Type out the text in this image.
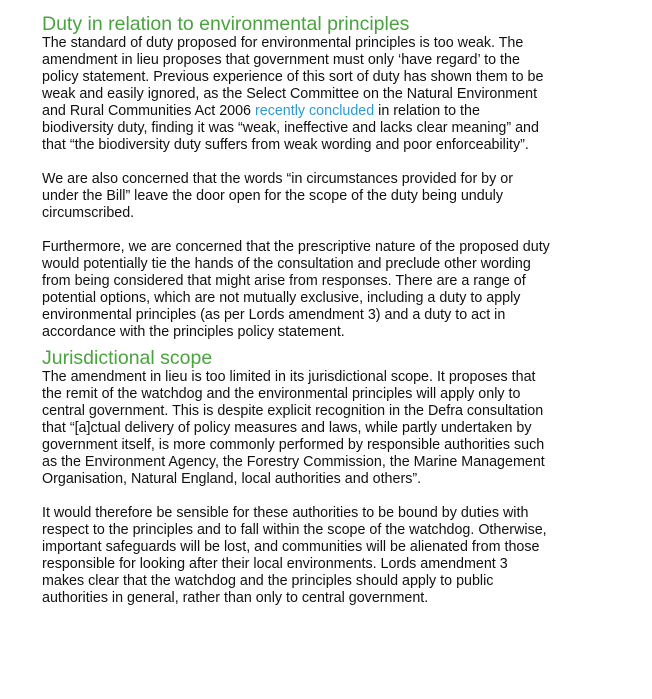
Duty in relation to environmental principles

The standard of duty proposed for environmental principles is too weak. The
amendment in lieu proposes that government must only ‘have regard’ to the
policy statement. Previous experience of this sort of duty has shown them to be
weak and easily ignored, as the Select Committee on the Natural Environment
and Rural Communities Act 2006 recently concluded in relation to the
biodiversity duty, finding it was “weak, ineffective and lacks clear meaning” and
that “the biodiversity duty suffers from weak wording and poor enforceability”.

We are also concerned that the words “in circumstances provided for by or
under the Bill” leave the door open for the scope of the duty being unduly
circumscribed.

Furthermore, we are concerned that the prescriptive nature of the proposed duty
would potentially tie the hands of the consultation and preclude other wording
from being considered that might arise from responses. There are a range of
potential options, which are not mutually exclusive, including a duty to apply
environmental principles (as per Lords amendment 3) and a duty to act in
accordance with the principles policy statement.

Jurisdictional scope

The amendment in lieu is too limited in its jurisdictional scope. It proposes that
the remit of the watchdog and the environmental principles will apply only to
central government. This is despite explicit recognition in the Defra consultation
that “[a]ctual delivery of policy measures and laws, while partly undertaken by
government itself, is more commonly performed by responsible authorities such
as the Environment Agency, the Forestry Commission, the Marine Management
Organisation, Natural England, local authorities and others”.

It would therefore be sensible for these authorities to be bound by duties with
respect to the principles and to fall within the scope of the watchdog. Otherwise,
important safeguards will be lost, and communities will be alienated from those
responsible for looking after their local environments. Lords amendment 3
makes clear that the watchdog and the principles should apply to public
authorities in general, rather than only to central government.
